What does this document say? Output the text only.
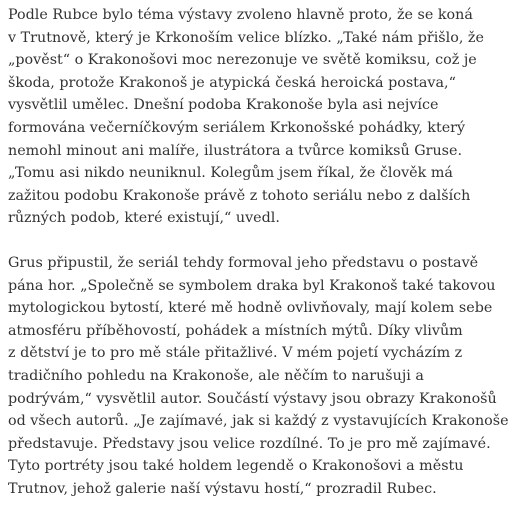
Podle Rubce bylo téma výstavy zvoleno hlavně proto, že se koná
v Trutnově, který je Krkonoším velice blízko. „Také nám přišlo, že
„pověst“ o Krakonošovi moc nerezonuje ve světě komiksu, což je
škoda, protože Krakonoš je atypická česká heroická postava,“
vysvětlil umělec. Dnešní podoba Krakonoše byla asi nejvíce
formována večerníčkovým seriálem Krkonošské pohádky, který
nemohl minout ani malíře, ilustrátora a tvůrce komiksů Gruse.
„Tomu asi nikdo neuniknul. Kolegům jsem říkal, že člověk má
zažitou podobu Krakonoše právě z tohoto seriálu nebo z dalších
různých podob, které existují,“ uvedl.

Grus připustil, že seriál tehdy formoval jeho představu o postavě
pána hor. „Společně se symbolem draka byl Krakonoš také takovou
mytologickou bytostí, které mě hodně ovlivňovaly, mají kolem sebe
atmosféru příběhovostí, pohádek a místních mýtů. Díky vlivům
z dětství je to pro mě stále přitažlivé. V mém pojetí vycházím z
tradičního pohledu na Krakonoše, ale něčím to narušuji a
podrývám,“ vysvětlil autor. Součástí výstavy jsou obrazy Krakonošů
od všech autorů. „Je zajímavé, jak si každý z vystavujících Krakonoše
představuje. Představy jsou velice rozdílné. To je pro mě zajímavé.
Tyto portréty jsou také holdem legendě o Krakonošovi a městu
Trutnov, jehož galerie naší výstavu hostí,“ prozradil Rubec.
